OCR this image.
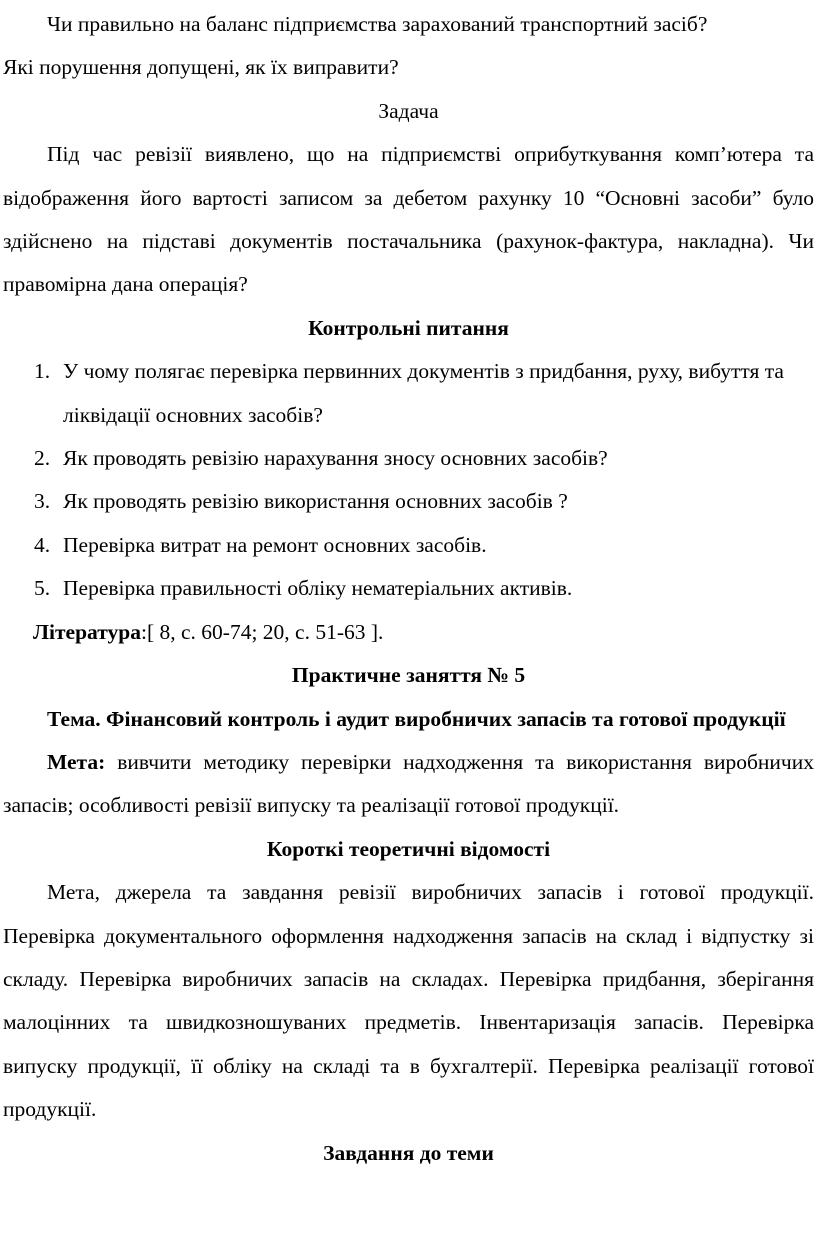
Чи правильно на баланс підприємства зарахований транспортний засіб?

Які порушення допущені, як їх виправити?

Задача

Під час ревізії виявлено, що на підприємстві оприбуткування комп’ютера та відображення його вартості записом за дебетом рахунку 10 “Основні засоби” було здійснено на підставі документів постачальника (рахунок-фактура, накладна). Чи правомірна дана операція?

Контрольні питання

1. У чому полягає перевірка первинних документів з придбання, руху, вибуття та ліквідації основних засобів?
2. Як проводять ревізію нарахування зносу основних засобів?
3. Як проводять ревізію використання основних засобів ?
4. Перевірка витрат на ремонт основних засобів.
5. Перевірка правильності обліку нематеріальних активів.

Література:[ 8, с. 60-74; 20, с. 51-63 ].

Практичне заняття № 5

Тема. Фінансовий контроль і аудит виробничих запасів та готової продукції

Мета: вивчити методику перевірки надходження та використання виробничих запасів; особливості ревізії випуску та реалізації готової продукції.

Короткі теоретичні відомості

Мета, джерела та завдання ревізії виробничих запасів і готової продукції. Перевірка документального оформлення надходження запасів на склад і відпустку зі складу. Перевірка виробничих запасів на складах. Перевірка придбання, зберігання малоцінних та швидкозношуваних предметів. Інвентаризація запасів. Перевірка випуску продукції, її обліку на складі та в бухгалтерії. Перевірка реалізації готової продукції.

Завдання до теми
